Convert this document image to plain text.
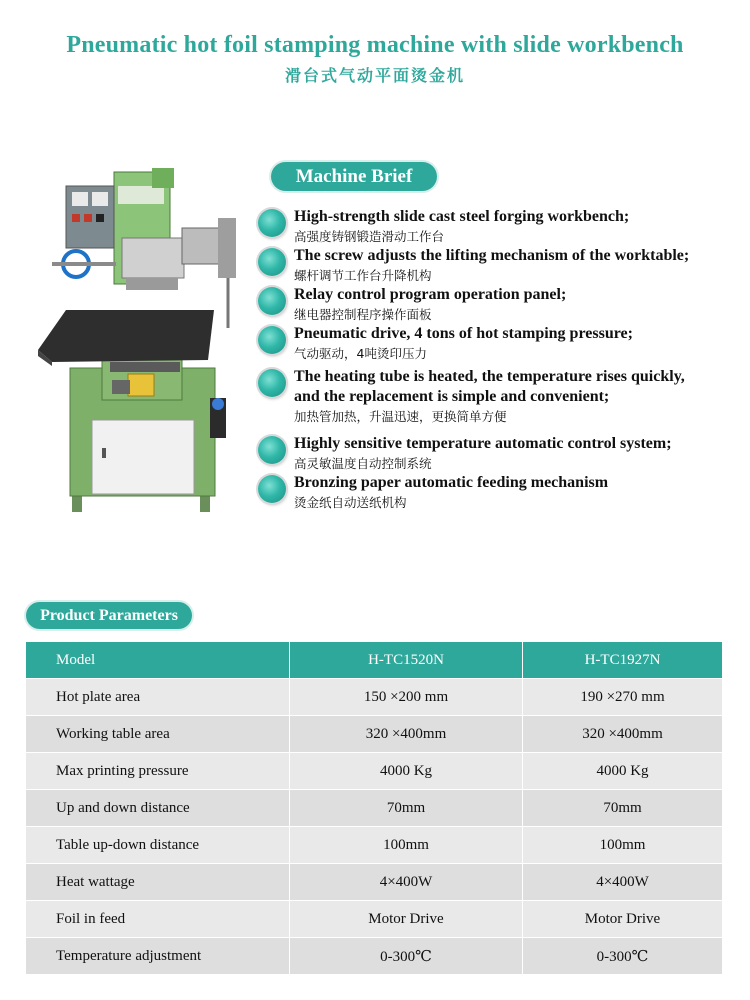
Pneumatic hot foil stamping machine with slide workbench
滑台式气动平面烫金机
Machine Brief
High-strength slide cast steel forging workbench;
高强度铸钢锻造滑动工作台
The screw adjusts the lifting mechanism of the worktable;
螺杆调节工作台升降机构
Relay control program operation panel;
继电器控制程序操作面板
Pneumatic drive, 4 tons of hot stamping pressure;
气动驱动，4吨烫印压力
The heating tube is heated, the temperature rises quickly,
and the replacement is simple and convenient;
加热管加热，升温迅速，更换简单方便
Highly sensitive temperature automatic control system;
高灵敏温度自动控制系统
Bronzing paper automatic feeding mechanism
烫金纸自动送纸机构
Product Parameters
Model	H-TC1520N	H-TC1927N
Hot plate area	150 ×200 mm	190 ×270 mm
Working table area	320 ×400mm	320 ×400mm
Max printing pressure	4000 Kg	4000 Kg
Up and down distance	70mm	70mm
Table up-down distance	100mm	100mm
Heat wattage	4×400W	4×400W
Foil in feed	Motor Drive	Motor Drive
Temperature adjustment	0-300℃	0-300℃
